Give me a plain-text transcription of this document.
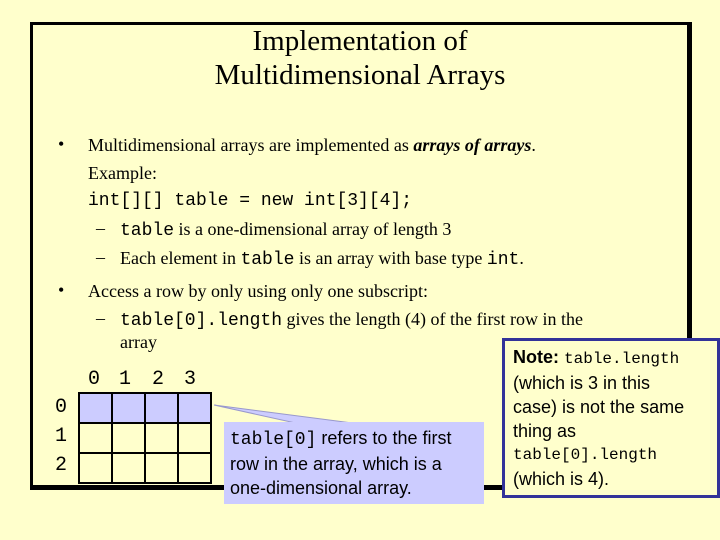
Implementation of
Multidimensional Arrays
• Multidimensional arrays are implemented as arrays of arrays.
Example:
int[][] table = new int[3][4];
– table is a one-dimensional array of length 3
– Each element in table is an array with base type int.
• Access a row by only using only one subscript:
– table[0].length gives the length (4) of the first row in the
array
0 1 2 3
0
1
2

table[0] refers to the first
row in the array, which is a
one-dimensional array.
Note: table.length
(which is 3 in this
case) is not the same
thing as
table[0].length
(which is 4).
